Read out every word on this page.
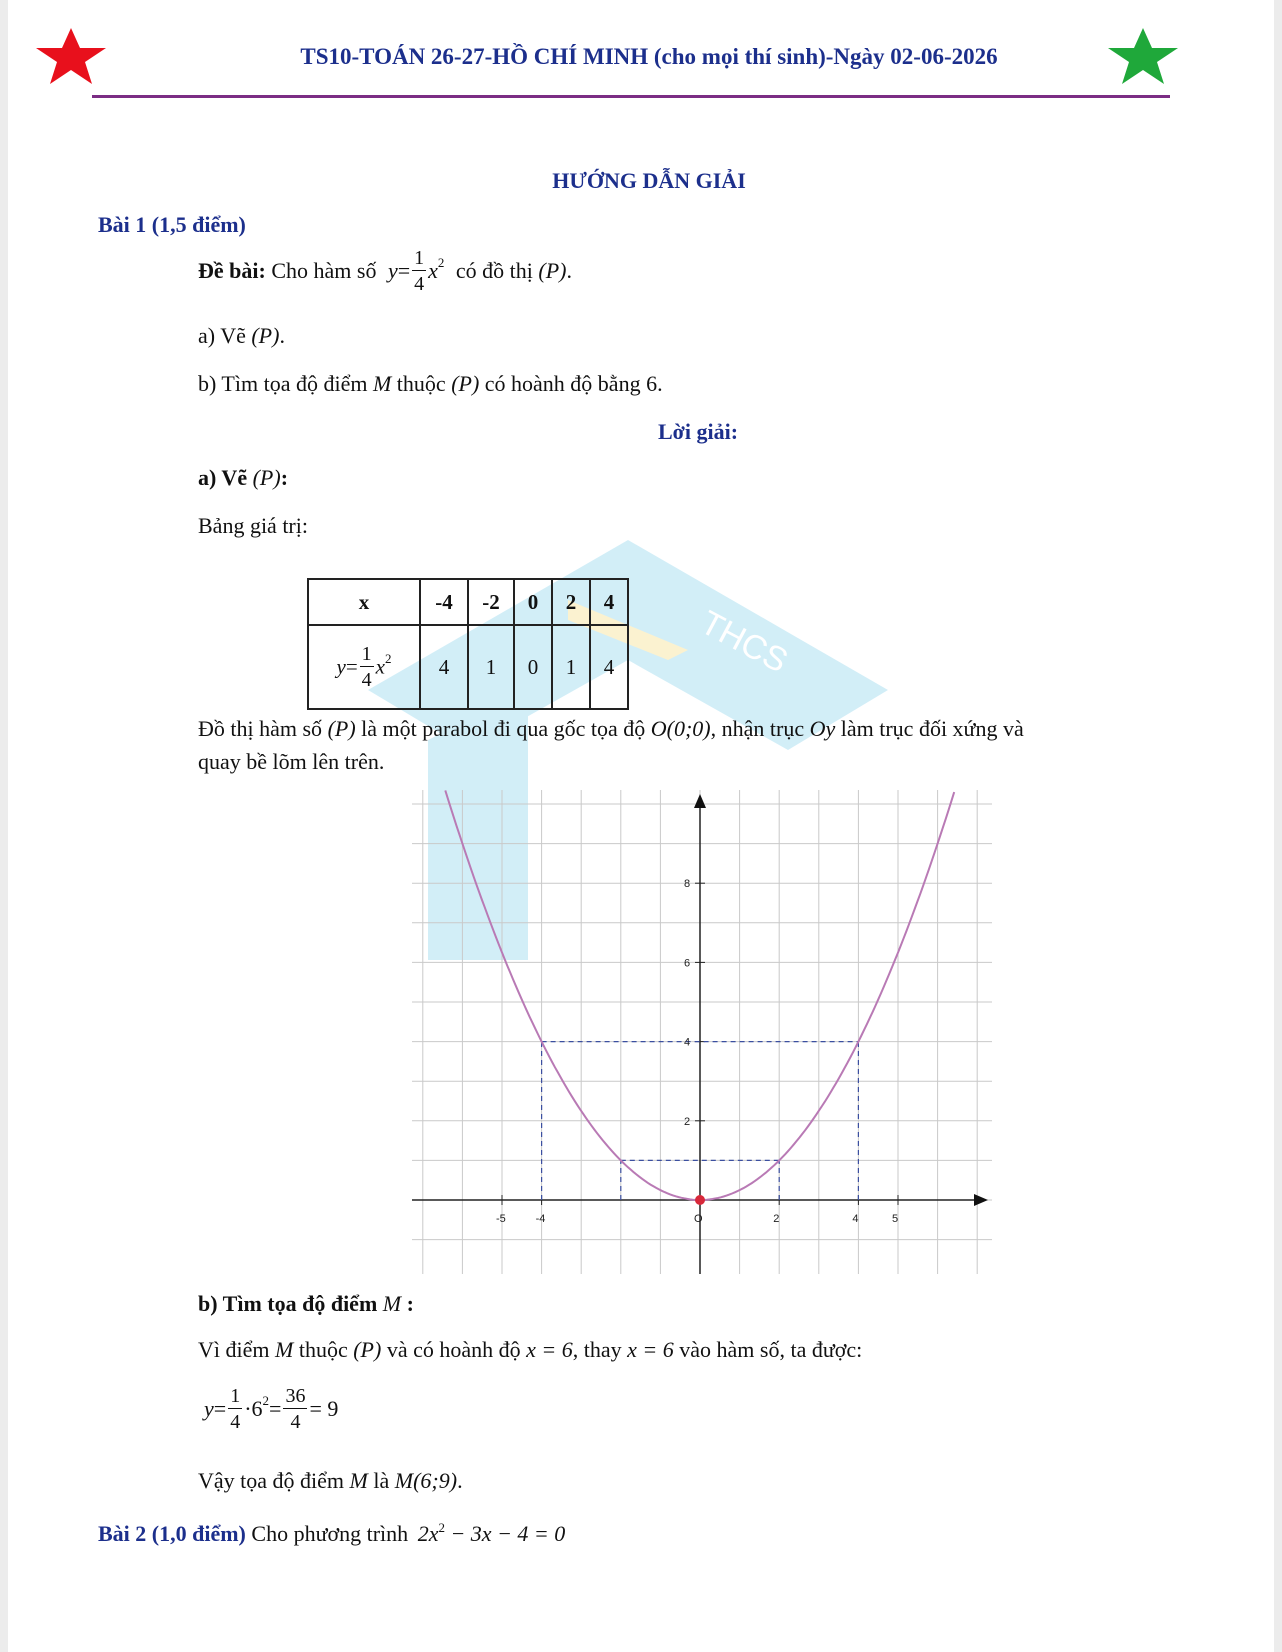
THCS
TS10-TOÁN 26-27-HỒ CHÍ MINH (cho mọi thí sinh)-Ngày 02-06-2026
HƯỚNG DẪN GIẢI
Bài 1 (1,5 điểm)
Đề bài: Cho hàm số $y= \frac{1}{4} x^2$ có đồ thị (P).
a) Vẽ (P).
b) Tìm tọa độ điểm M thuộc (P) có hoành độ bằng 6.
Lời giải:
a) Vẽ (P):
Bảng giá trị:
x	-4	-2	0	2	4
$y= \frac{1}{4} x^2$	4	1	0	1	4
Đồ thị hàm số (P) là một parabol đi qua gốc tọa độ O(0;0), nhận trục Oy làm trục đối xứng và
quay bề lõm lên trên.
-5	-4	O	2	4	5
2
4
6
8
b) Tìm tọa độ điểm M :
Vì điểm M thuộc (P) và có hoành độ x = 6, thay x = 6 vào hàm số, ta được:
$y= \frac{1}{4} \cdot 6^2= \frac{36}{4} = 9$
Vậy tọa độ điểm M là M(6;9).
Bài 2 (1,0 điểm) Cho phương trình $2x^2 - 3x - 4 = 0$
